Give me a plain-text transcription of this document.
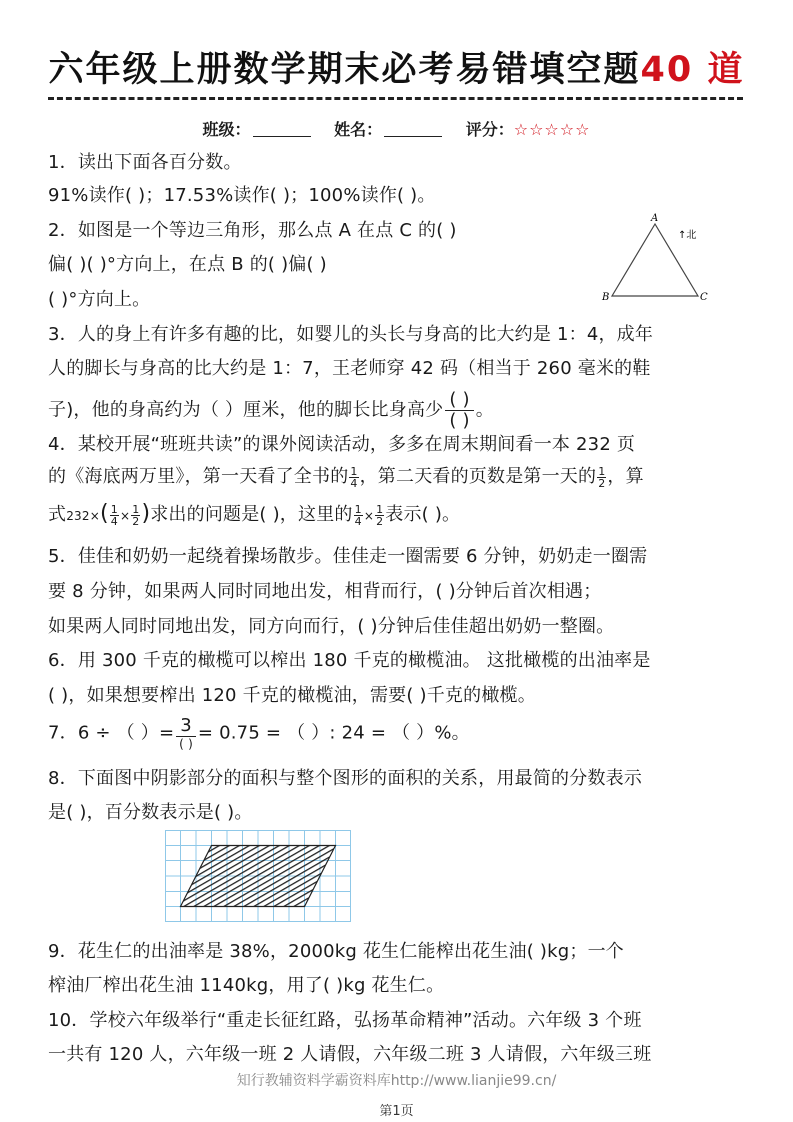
六年级上册数学期末必考易错填空题40 道
班级：	姓名：	评分：☆☆☆☆☆
1．读出下面各百分数。
91%读作( )；17.53%读作( )；100%读作( )。
2．如图是一个等边三角形，那么点 A 在点 C 的( )
偏( )( )°方向上，在点 B 的( )偏( )
( )°方向上。
A
B	C
↑北
3．人的身上有许多有趣的比，如婴儿的头长与身高的比大约是 1：4，成年
人的脚长与身高的比大约是 1：7，王老师穿 42 码（相当于 260 毫米的鞋
子)，他的身高约为（ ）厘米，他的脚长比身高少 ( )
( ) 。
4．某校开展“班班共读”的课外阅读活动，多多在周末期间看一本 232 页
的《海底两万里》，第一天看了全书的 $\frac{1}{4}$ ，第二天看的页数是第一天的 $\frac{1}{2}$ ，算
式$232\times( \frac{1}{4} \times \frac{1}{2}$ )求出的问题是( )，这里的 $\frac{1}{4} \times \frac{1}{2}$ 表示( )。
5．佳佳和奶奶一起绕着操场散步。佳佳走一圈需要 6 分钟，奶奶走一圈需
要 8 分钟，如果两人同时同地出发，相背而行，( )分钟后首次相遇；
如果两人同时同地出发，同方向而行，( )分钟后佳佳超出奶奶一整圈。
6．用 300 千克的橄榄可以榨出 180 千克的橄榄油。 这批橄榄的出油率是
( )，如果想要榨出 120 千克的橄榄油，需要( )千克的橄榄。
7．6 ÷ （ ）= 3
( )
= 0.75 = （ ）: 24 = （ ）%。
8．下面图中阴影部分的面积与整个图形的面积的关系，用最简的分数表示
是( )，百分数表示是( )。
9．花生仁的出油率是 38%，2000kg 花生仁能榨出花生油( )kg；一个
榨油厂榨出花生油 1140kg，用了( )kg 花生仁。
10．学校六年级举行“重走长征红路，弘扬革命精神”活动。六年级 3 个班
一共有 120 人，六年级一班 2 人请假，六年级二班 3 人请假，六年级三班
知行教辅资料学霸资料库http://www.lianjie99.cn/
第1页
